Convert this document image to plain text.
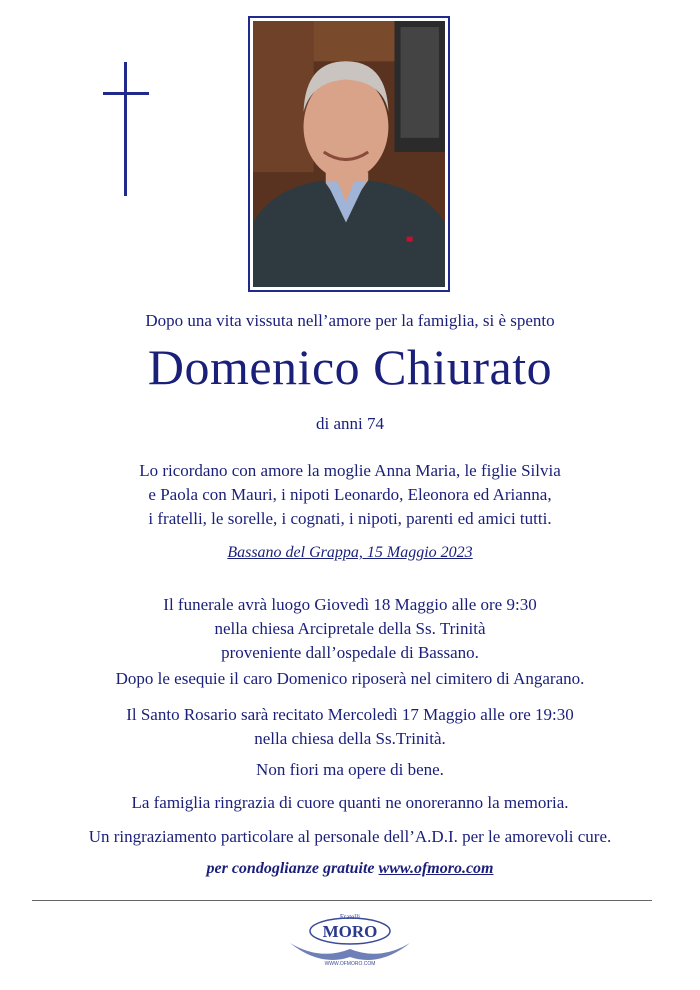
Dopo una vita vissuta nell’amore per la famiglia, si è spento
Domenico Chiurato
di anni 74
Lo ricordano con amore la moglie Anna Maria, le figlie Silvia
e Paola con Mauri, i nipoti Leonardo, Eleonora ed Arianna,
i fratelli, le sorelle, i cognati, i nipoti, parenti ed amici tutti.
Bassano del Grappa, 15 Maggio 2023
Il funerale avrà luogo Giovedì 18 Maggio alle ore 9:30
nella chiesa Arcipretale della Ss. Trinità
proveniente dall’ospedale di Bassano.
Dopo le esequie il caro Domenico riposerà nel cimitero di Angarano.
Il Santo Rosario sarà recitato Mercoledì 17 Maggio alle ore 19:30
nella chiesa della Ss.Trinità.
Non fiori ma opere di bene.
La famiglia ringrazia di cuore quanti ne onoreranno la memoria.
Un ringraziamento particolare al personale dell’A.D.I. per le amorevoli cure.
per condoglianze gratuite www.ofmoro.com
Fratelli
MORO
WWW.OFMORO.COM
